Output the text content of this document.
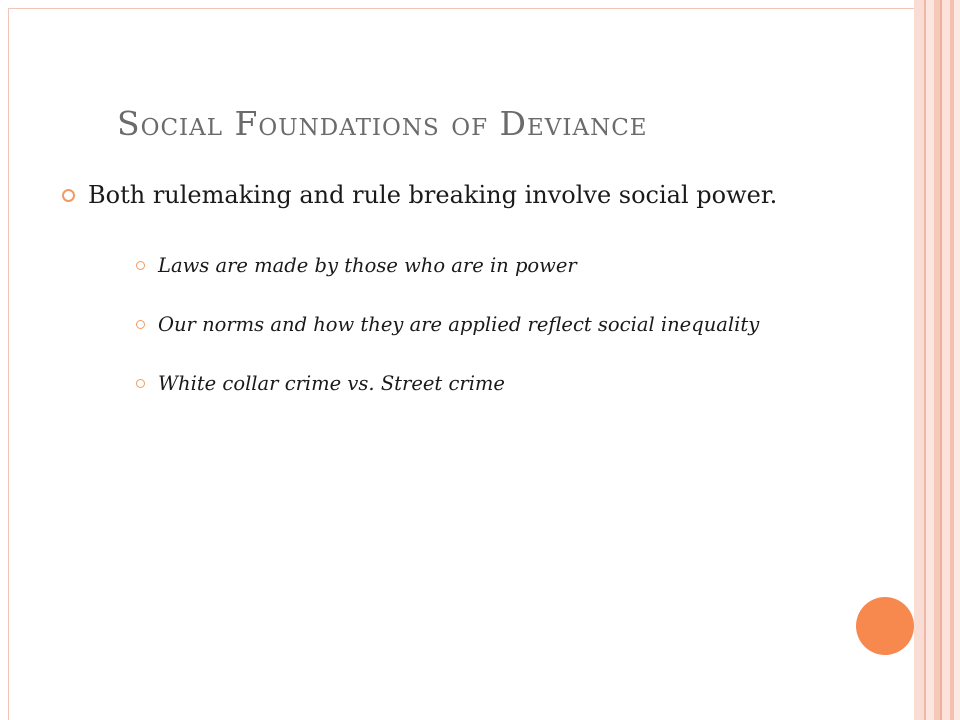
Social Foundations of Deviance
Both rulemaking and rule breaking involve social power.
Laws are made by those who are in power
Our norms and how they are applied reflect social inequality
White collar crime vs. Street crime
